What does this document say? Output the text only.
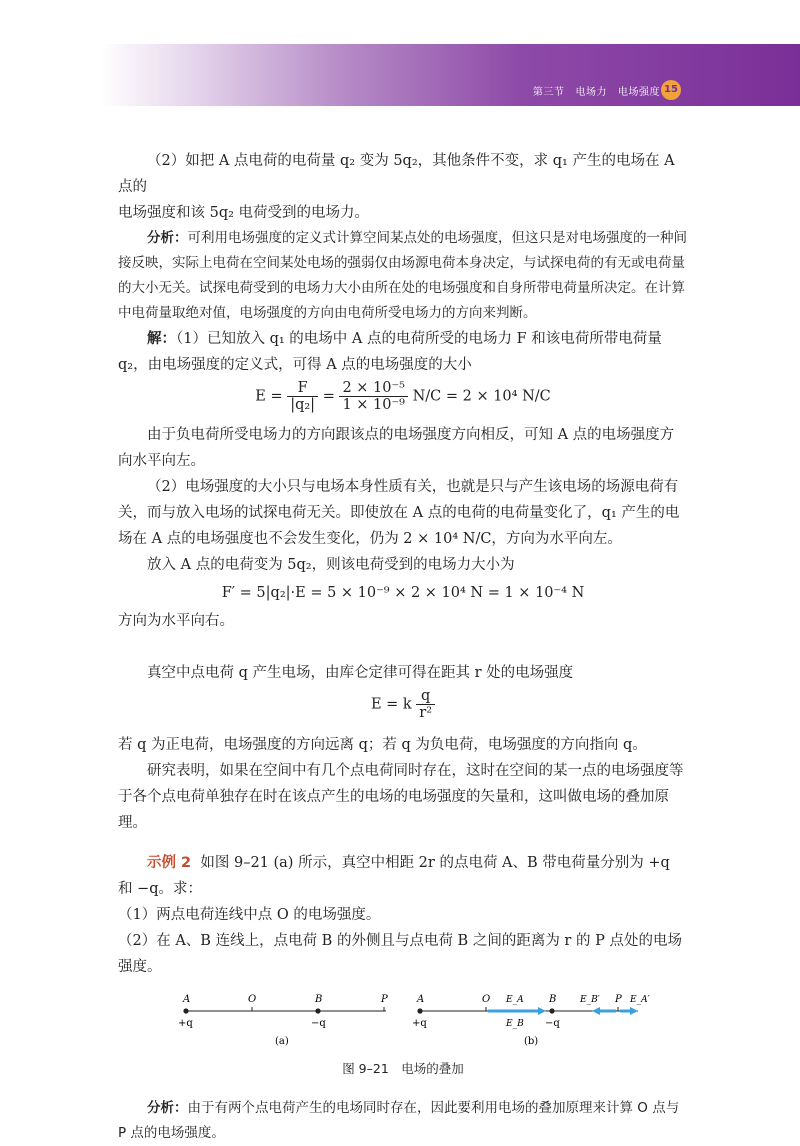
第三节 电场力 电场强度 15

（2）如把 A 点电荷的电荷量 q₂ 变为 5q₂，其他条件不变，求 q₁ 产生的电场在 A 点的
电场强度和该 5q₂ 电荷受到的电场力。

分析：可利用电场强度的定义式计算空间某点处的电场强度，但这只是对电场强度的一种间接反映，实际上电荷在空间某处电场的强弱仅由场源电荷本身决定，与试探电荷的有无或电荷量的大小无关。试探电荷受到的电场力大小由所在处的电场强度和自身所带电荷量所决定。在计算中电荷量取绝对值，电场强度的方向由电荷所受电场力的方向来判断。

解：（1）已知放入 q₁ 的电场中 A 点的电荷所受的电场力 F 和该电荷所带电荷量 q₂，由电场强度的定义式，可得 A 点的电场强度的大小

$E = \frac{F}{\text{|q₂|}} = \frac{\text{2 × 10⁻⁵}}{\text{1 × 10⁻⁹}} N/C = 2 \times 10^4$ N/C

由于负电荷所受电场力的方向跟该点的电场强度方向相反，可知 A 点的电场强度方向水平向左。

（2）电场强度的大小只与电场本身性质有关，也就是只与产生该电场的场源电荷有关，而与放入电场的试探电荷无关。即使放在 A 点的电荷的电荷量变化了，q₁ 产生的电场在 A 点的电场强度也不会发生变化，仍为 2 × 10⁴ N/C，方向为水平向左。

放入 A 点的电荷变为 5q₂，则该电荷受到的电场力大小为

F′ = 5|q₂|·E = 5 × 10⁻⁹ × 2 × 10⁴ N = 1 × 10⁻⁴ N

方向为水平向右。

真空中点电荷 q 产生电场，由库仑定律可得在距其 r 处的电场强度

E = k $\frac{q}{\text{r²}}$

若 q 为正电荷，电场强度的方向远离 q；若 q 为负电荷，电场强度的方向指向 q。

研究表明，如果在空间中有几个点电荷同时存在，这时在空间的某一点的电场强度等于各个点电荷单独存在时在该点产生的电场的电场强度的矢量和，这叫做电场的叠加原理。

示例 2 如图 9–21 (a) 所示，真空中相距 2r 的点电荷 A、B 带电荷量分别为 +q 和 −q。求：

（1）两点电荷连线中点 O 的电场强度。

（2）在 A、B 连线上，点电荷 B 的外侧且与点电荷 B 之间的距离为 r 的 P 点处的电场强度。

A	O	B	P
+q	−q
(a)
A	O	B	P
E_A
E_B
E_B′	E_A′
+q	−q
(b)
图 9–21　电场的叠加

分析：由于有两个点电荷产生的电场同时存在，因此要利用电场的叠加原理来计算 O 点与 P 点的电场强度。
